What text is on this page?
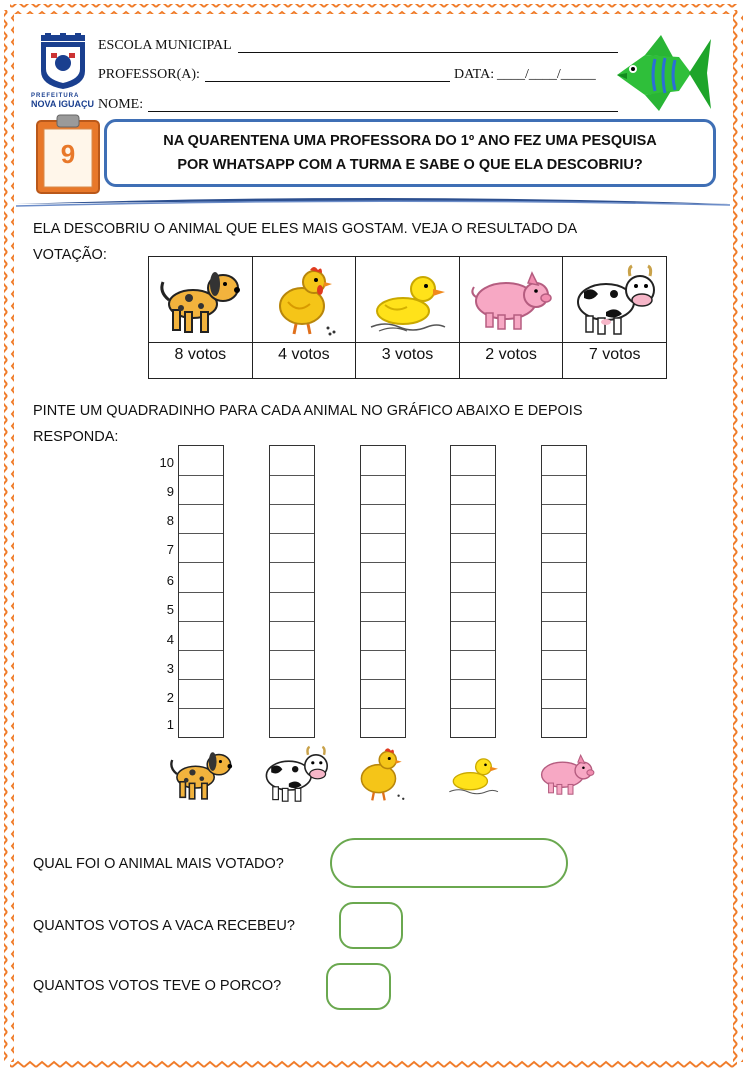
PREFEITURA
NOVA IGUAÇU
ESCOLA MUNICIPAL
PROFESSOR(A):	DATA: ____/____/_____
NOME:
9	NA QUARENTENA UMA PROFESSORA DO 1º ANO FEZ UMA PESQUISA
POR WHATSAPP COM A TURMA E SABE O QUE ELA DESCOBRIU?
ELA DESCOBRIU O ANIMAL QUE ELES MAIS GOSTAM. VEJA O RESULTADO DA
VOTAÇÃO:
8 votos	4 votos	3 votos	2 votos	7 votos
PINTE UM QUADRADINHO PARA CADA ANIMAL NO GRÁFICO ABAIXO E DEPOIS
RESPONDA:
10
9
8
7
6
5
4
3
2
1
QUAL FOI O ANIMAL MAIS VOTADO?
QUANTOS VOTOS A VACA RECEBEU?
QUANTOS VOTOS TEVE O PORCO?
